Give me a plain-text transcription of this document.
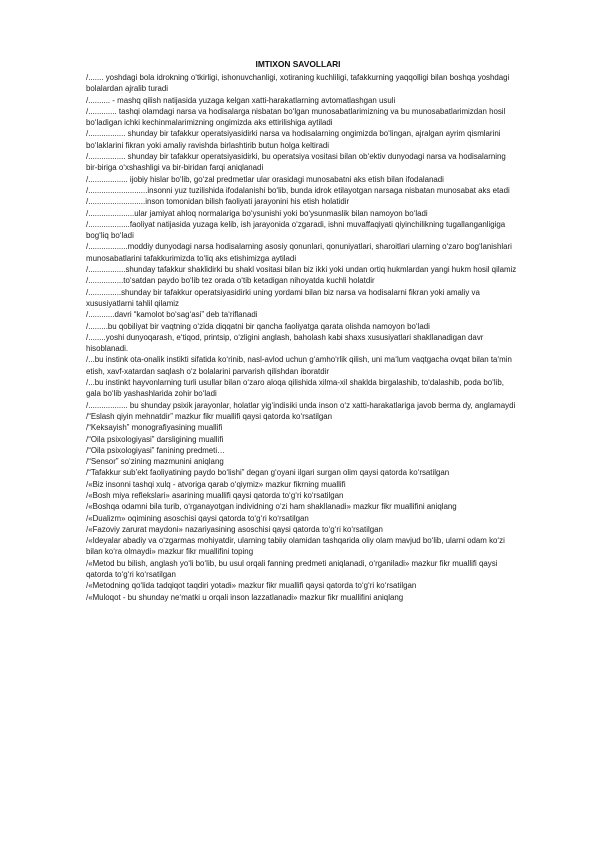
IMTIXON SAVOLLARI
/....... yoshdagi bola idrokning o‘tkirligi, ishonuvchanligi, xotiraning kuchliligi, tafakkurning yaqqolligi bilan boshqa yoshdagi bolalardan ajralib turadi
/.......... - mashq qilish natijasida yuzaga kelgan xatti-harakatlarning avtomatlashgan usuli
/............. tashqi olamdagi narsa va hodisalarga nisbatan bo‘lgan munosabatlarimizning va bu munosabatlarimizdan hosil bo‘ladigan ichki kechinmalarimizning ongimizda aks ettirilishiga aytiladi
/................. shunday bir tafakkur operatsiyasidirki narsa va hodisalarning ongimizda bo‘lingan, ajralgan ayrim qismlarini bo‘laklarini fikran yoki amaliy ravishda birlashtirib butun holga keltiradi
/................. shunday bir tafakkur operatsiyasidirki, bu operatsiya vositasi bilan ob‘ektiv dunyodagi narsa va hodisalarning bir-biriga o‘xshashligi va bir-biridan farqi aniqlanadi
/.................. ijobiy hislar bo‘lib, go‘zal predmetlar ular orasidagi munosabatni aks etish bilan ifodalanadi
/...........................insonni yuz tuzilishida ifodalanishi bo‘lib, bunda idrok etilayotgan narsaga nisbatan munosabat aks etadi
/..........................inson tomonidan bilish faoliyati jarayonini his etish holatidir
/.....................ular jamiyat ahloq normalariga bo‘ysunishi yoki bo‘ysunmaslik bilan namoyon bo‘ladi
/...................faoliyat natijasida yuzaga kelib, ish jarayonida o‘zgaradi, ishni muvaffaqiyati qiyinchilikning tugallanganligiga bog‘liq bo‘ladi
/..................moddiy dunyodagi narsa hodisalarning asosiy qonunlari, qonuniyatlari, sharoitlari ularning o‘zaro bog‘lanishlari munosabatlarini tafakkurimizda to‘liq aks etishimizga aytiladi
/.................shunday tafakkur shaklidirki bu shakl vositasi bilan biz ikki yoki undan ortiq hukmlardan yangi hukm hosil qilamiz
/................to‘satdan paydo bo‘lib tez orada o‘tib ketadigan nihoyatda kuchli holatdir
/...............shunday bir tafakkur operatsiyasidirki uning yordami bilan biz narsa va hodisalarni fikran yoki amaliy va xususiyatlarni tahlil qilamiz
/............davri “kamolot bo‘sag‘asi” deb ta‘riflanadi
/.........bu qobiliyat bir vaqtning o‘zida diqqatni bir qancha faoliyatga qarata olishda namoyon bo‘ladi
/........yoshi dunyoqarash, e‘tiqod, printsip, o‘zligini anglash, baholash kabi shaxs xususiyatlari shakllanadigan davr hisoblanadi.
/...bu instink ota-onalik instikti sifatida ko‘rinib, nasl-avlod uchun g‘amho‘rlik qilish, uni ma‘lum vaqtgacha ovqat bilan ta‘min etish, xavf-xatardan saqlash o‘z bolalarini parvarish qilishdan iboratdir
/...bu instinkt hayvonlarning turli usullar bilan o‘zaro aloqa qilishida xilma-xil shaklda birgalashib, to‘dalashib, poda bo‘lib, gala bo‘lib yashashlarida zohir bo‘ladi
/.................. bu shunday psixik jarayonlar, holatlar yig‘indisiki unda inson o‘z xatti-harakatlariga javob berma dy, anglamaydi
/“Eslash qiyin mehnatdir” mazkur fikr muallifi qaysi qatorda ko‘rsatilgan
/“Keksayish” monografiyasining muallifi
/“Oila psixologiyasi” darsligining muallifi
/“Oila psixologiyasi” fanining predmeti…
/“Sensor” so‘zining mazmunini aniqlang
/“Tafakkur sub’ekt faoliyatining paydo bo‘lishi” degan g‘oyani ilgari surgan olim qaysi qatorda ko‘rsatilgan
/«Biz insonni tashqi xulq - atvoriga qarab o‘qiymiz» mazkur fikrning muallifi
/«Bosh miya reflekslari» asarining muallifi qaysi qatorda to‘g‘ri ko‘rsatilgan
/«Boshqa odamni bila turib, o‘rganayotgan individning o‘zi ham shakllanadi» mazkur fikr muallifini aniqlang
/«Dualizm» oqimining asoschisi qaysi qatorda to‘g‘ri ko‘rsatilgan
/«Fazoviy zarurat maydoni» nazariyasining asoschisi qaysi qatorda to‘g‘ri ko‘rsatilgan
/«Ideyalar abadiy va o‘zgarmas mohiyatdir, ularning tabiiy olamidan tashqarida oliy olam mavjud bo‘lib, ularni odam ko‘zi bilan ko‘ra olmaydi» mazkur fikr muallifini toping
/«Metod bu bilish, anglash yo‘li bo‘lib, bu usul orqali fanning predmeti aniqlanadi, o‘rganiladi» mazkur fikr muallifi qaysi qatorda to‘g‘ri ko‘rsatilgan
/«Metodning qo‘lida tadqiqot taqdiri yotadi» mazkur fikr muallifi qaysi qatorda to‘g‘ri ko‘rsatilgan
/«Muloqot - bu shunday ne‘matki u orqali inson lazzatlanadi» mazkur fikr muallifini aniqlang
